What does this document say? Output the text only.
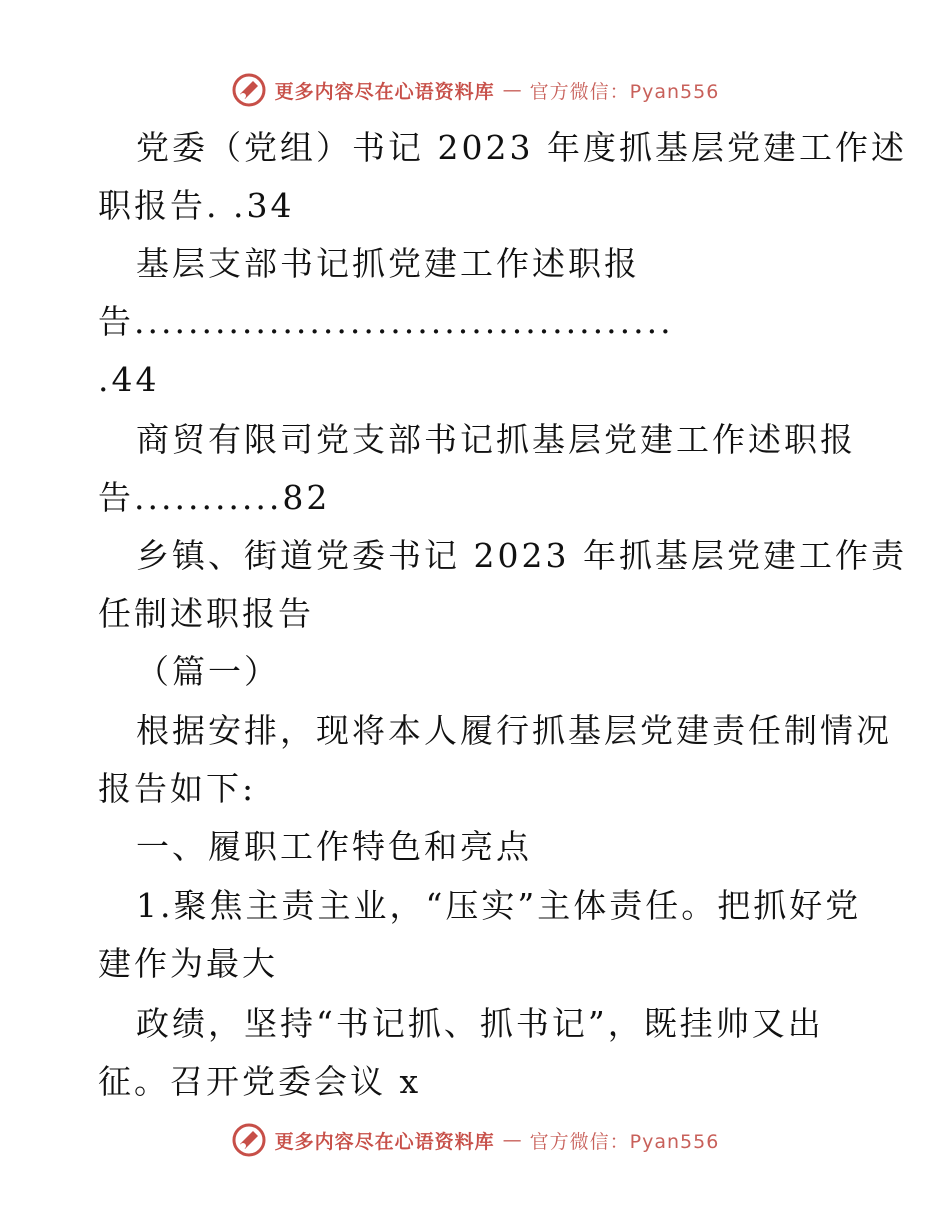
更多内容尽在心语资料库 — 官方微信：Pyan556
党委（党组）书记 2023 年度抓基层党建工作述
职报告. .34
基层支部书记抓党建工作述职报
告........................................
.44
商贸有限司党支部书记抓基层党建工作述职报
告...........82
乡镇、街道党委书记 2023 年抓基层党建工作责
任制述职报告
（篇一）
根据安排，现将本人履行抓基层党建责任制情况
报告如下:
一、履职工作特色和亮点
1.聚焦主责主业，“压实”主体责任。把抓好党
建作为最大
政绩，坚持“书记抓、抓书记”，既挂帅又出
征。召开党委会议 x
更多内容尽在心语资料库 — 官方微信：Pyan556
